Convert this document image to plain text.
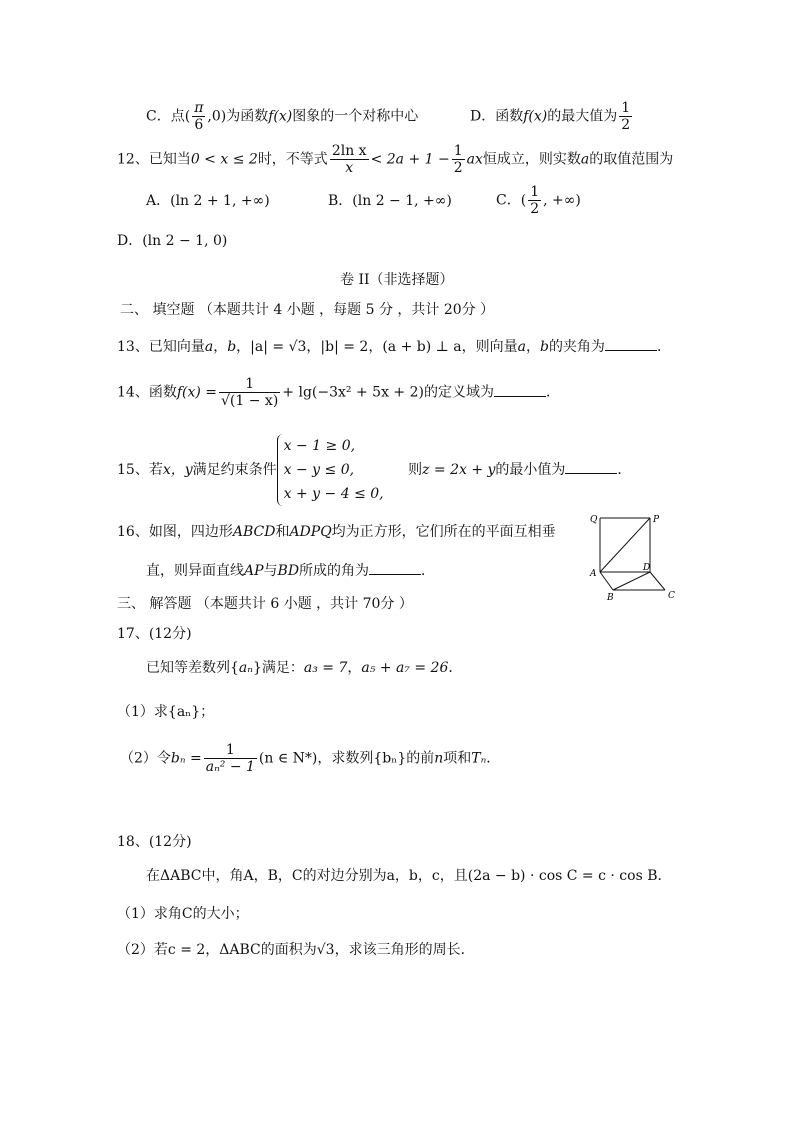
C．点( $\frac{\pi}{6} ,0$)为函数f(x)图象的一个对称中心	D．函数f(x)的最大值为 $\frac{1}{2}$
12、已知当0 < x ≤ 2时，不等式 $\frac{\text{2ln x}}{x} < 2a + 1 - \frac{1}{2}$ ax恒成立，则实数a的取值范围为
A．(ln 2 + 1, +∞)	B．(ln 2 − 1, +∞)	C．( $\frac{1}{2}$ , +∞)
D．(ln 2 − 1, 0)
卷 II（非选择题）
二、 填空题 （本题共计 4 小题 ，每题 5 分 ，共计 20分 ）
13、已知向量a，b，|a| = √3，|b| = 2，(a + b) ⊥ a，则向量a，b的夹角为	．
14、函数$f(x) = \frac{1}{√(1 - x)} + \lg(-3x^2 + 5x + 2)$的定义域为	．
15、若x，y满足约束条件
x − 1 ≥ 0,
x − y ≤ 0,
x + y − 4 ≤ 0,
则z = 2x + y的最小值为	．
16、如图，四边形ABCD和ADPQ均为正方形，它们所在的平面互相垂
直，则异面直线AP与BD所成的角为	．
Q	P
A
D
B	C
三、 解答题 （本题共计 6 小题 ，共计 70分 ）
17、(12分)
已知等差数列{aₙ}满足：a₃ = 7，a₅ + a₇ = 26．
（1）求{aₙ}；
（2）令$b_n = \frac{1}{\text{aₙ² − 1}} (n$ ∈ N*)，求数列{bₙ}的前n项和Tₙ．
18、(12分)
在ΔABC中，角A，B，C的对边分别为a，b，c，且(2a − b) · cos C = c · cos B．
（1）求角C的大小；
（2）若c = 2，ΔABC的面积为√3，求该三角形的周长．
